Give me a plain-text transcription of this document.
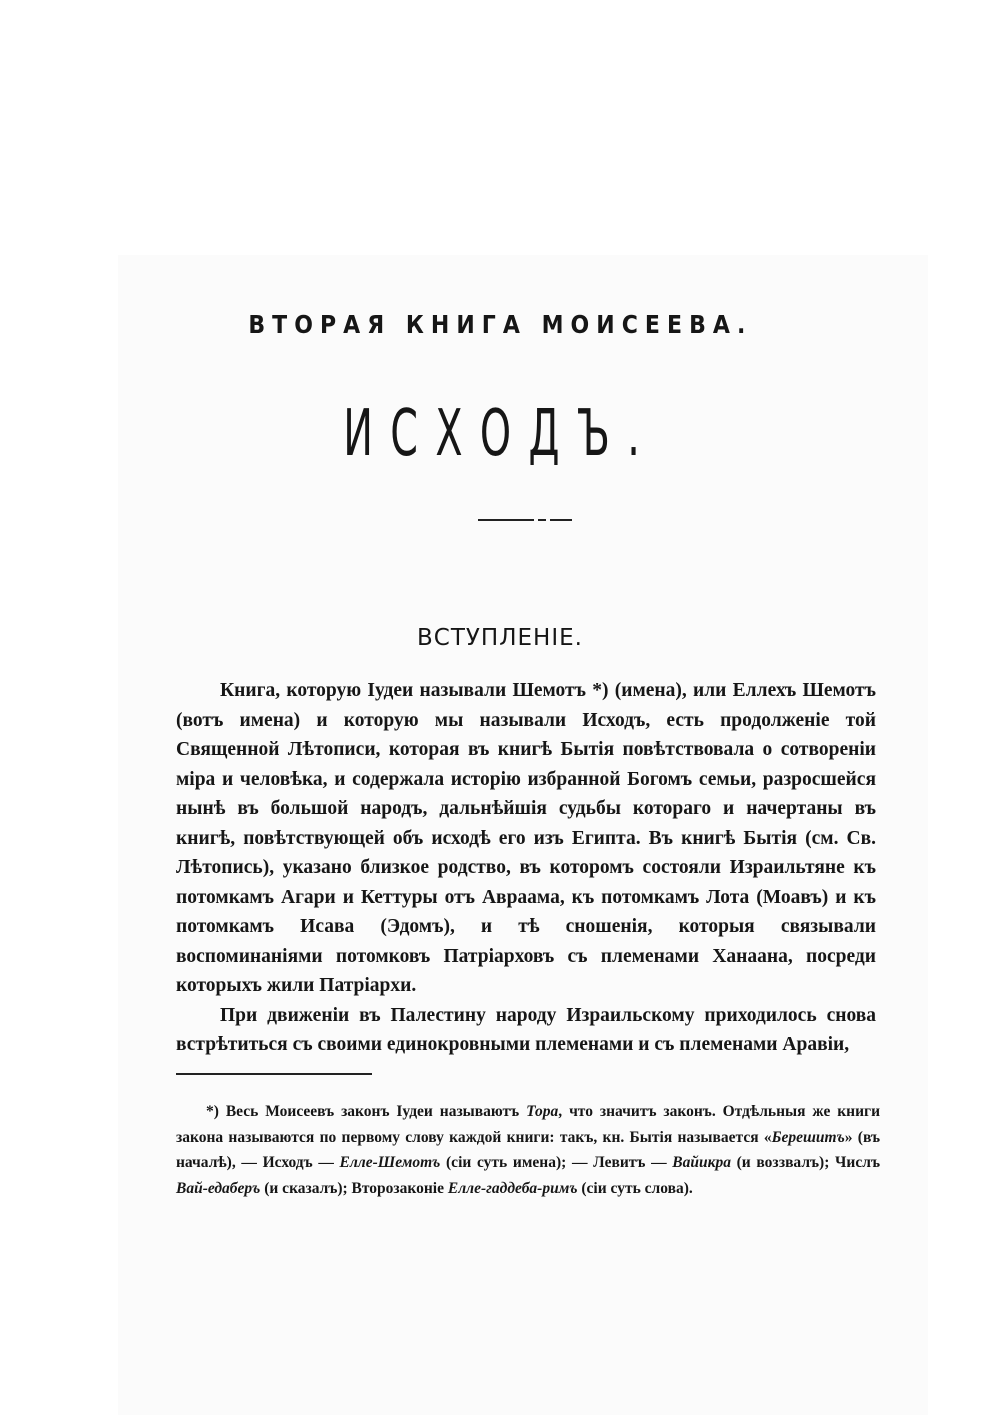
ВТОРАЯ КНИГА МОИСЕЕВА.
ИСХОДЪ.
ВСТУПЛЕНІЕ.

Книга, которую Іудеи называли Шемотъ *) (имена), или Еллехъ Шемотъ (вотъ имена) и которую мы называли Исходъ, есть продолженіе той Священной Лѣтописи, которая въ книгѣ Бытія повѣтствовала о сотвореніи міра и человѣка, и содержала исторію избранной Богомъ семьи, разросшейся нынѣ въ большой народъ, дальнѣйшія судьбы котораго и начертаны въ книгѣ, повѣтствующей объ исходѣ его изъ Египта. Въ книгѣ Бытія (см. Св. Лѣтопись), указано близкое родство, въ которомъ состояли Израильтяне къ потомкамъ Агари и Кеттуры отъ Авраама, къ потомкамъ Лота (Моавъ) и къ потомкамъ Исава (Эдомъ), и тѣ сношенія, которыя связывали воспоминаніями потомковъ Патріарховъ съ племенами Ханаана, посреди которыхъ жили Патріархи.

При движеніи въ Палестину народу Израильскому приходилось снова встрѣтиться съ своими единокровными племенами и съ племенами Аравіи,

*) Весь Моисеевъ законъ Іудеи называютъ Тора, что значитъ законъ. Отдѣльныя же книги закона называются по первому слову каждой книги: такъ, кн. Бытія называется «Берешитъ» (въ началѣ), — Исходъ — Елле-Шемотъ (сіи суть имена); — Левитъ — Вайикра (и воззвалъ); Числъ Вай-едаберъ (и сказалъ); Второзаконіе Елле-гаддеба-римъ (сіи суть слова).
